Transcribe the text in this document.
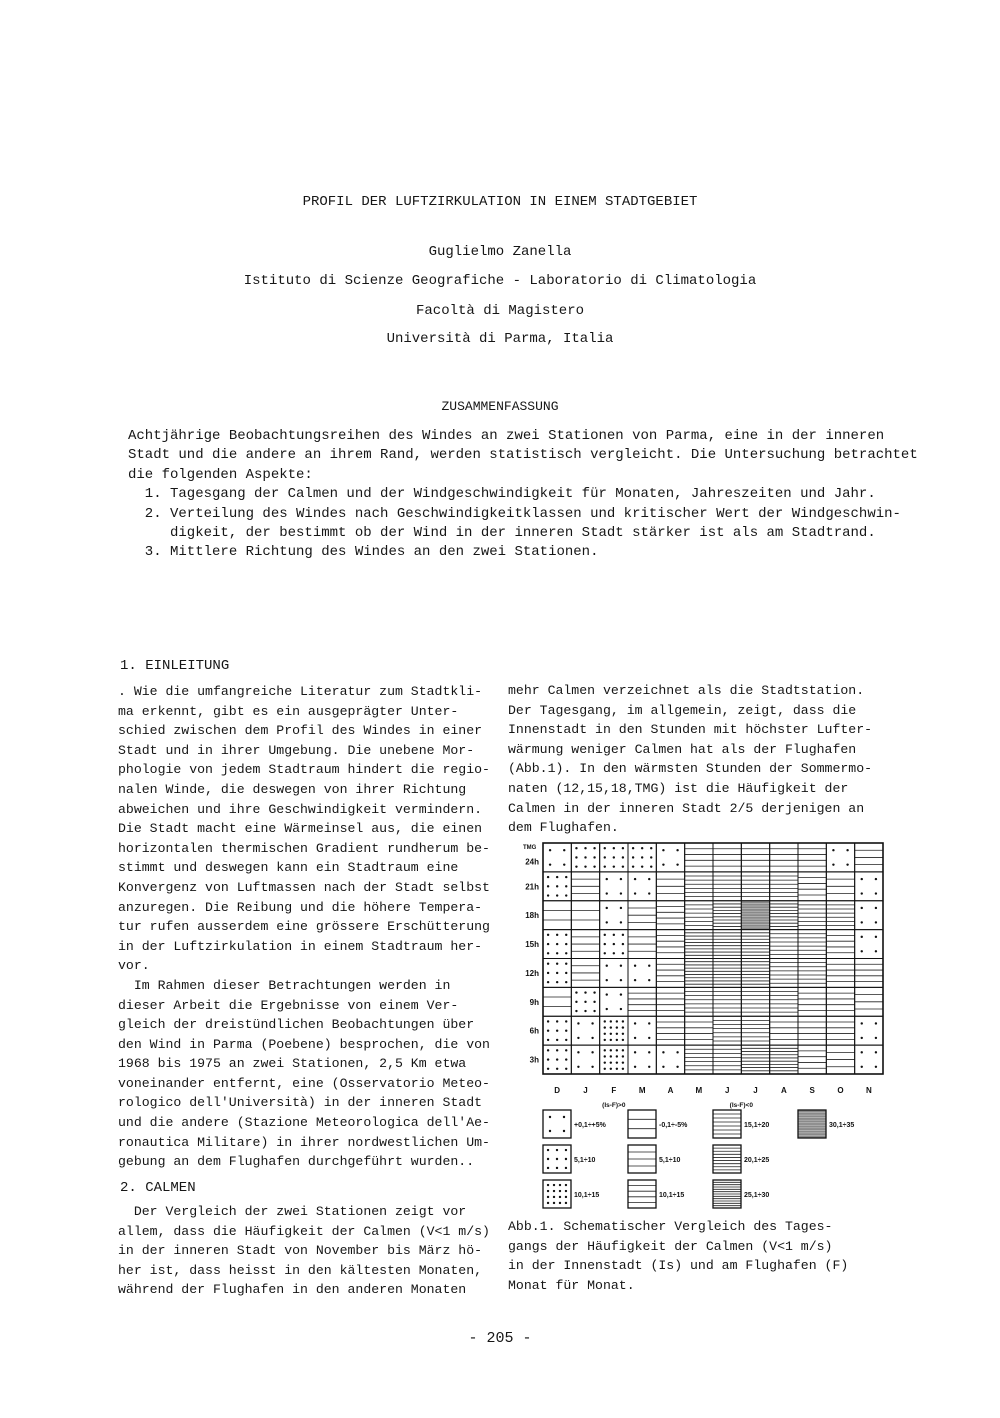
PROFIL DER LUFTZIRKULATION IN EINEM STADTGEBIET
Guglielmo Zanella
Istituto di Scienze Geografiche - Laboratorio di Climatologia
Facoltà di Magistero
Università di Parma, Italia
ZUSAMMENFASSUNG
Achtjährige Beobachtungsreihen des Windes an zwei Stationen von Parma, eine in der inneren
Stadt und die andere an ihrem Rand, werden statistisch vergleicht. Die Untersuchung betrachtet
die folgenden Aspekte:
1. Tagesgang der Calmen und der Windgeschwindigkeit für Monaten, Jahreszeiten und Jahr.
2. Verteilung des Windes nach Geschwindigkeitklassen und kritischer Wert der Windgeschwin-
digkeit, der bestimmt ob der Wind in der inneren Stadt stärker ist als am Stadtrand.
3. Mittlere Richtung des Windes an den zwei Stationen.
1. EINLEITUNG
. Wie die umfangreiche Literatur zum Stadtkli-
ma erkennt, gibt es ein ausgeprägter Unter-
schied zwischen dem Profil des Windes in einer
Stadt und in ihrer Umgebung. Die unebene Mor-
phologie von jedem Stadtraum hindert die regio-
nalen Winde, die deswegen von ihrer Richtung
abweichen und ihre Geschwindigkeit vermindern.
Die Stadt macht eine Wärmeinsel aus, die einen
horizontalen thermischen Gradient rundherum be-
stimmt und deswegen kann ein Stadtraum eine
Konvergenz von Luftmassen nach der Stadt selbst
anzuregen. Die Reibung und die höhere Tempera-
tur rufen ausserdem eine grössere Erschütterung
in der Luftzirkulation in einem Stadtraum her-
vor.
Im Rahmen dieser Betrachtungen werden in
dieser Arbeit die Ergebnisse von einem Ver-
gleich der dreistündlichen Beobachtungen über
den Wind in Parma (Poebene) besprochen, die von
1968 bis 1975 an zwei Stationen, 2,5 Km etwa
voneinander entfernt, eine (Osservatorio Meteo-
rologico dell'Università) in der inneren Stadt
und die andere (Stazione Meteorologica dell'Ae-
ronautica Militare) in ihrer nordwestlichen Um-
gebung an dem Flughafen durchgeführt wurden..
2. CALMEN
Der Vergleich der zwei Stationen zeigt vor
allem, dass die Häufigkeit der Calmen (V<1 m/s)
in der inneren Stadt von November bis März hö-
her ist, dass heisst in den kältesten Monaten,
während der Flughafen in den anderen Monaten
mehr Calmen verzeichnet als die Stadtstation.
Der Tagesgang, im allgemein, zeigt, dass die
Innenstadt in den Stunden mit höchster Lufter-
wärmung weniger Calmen hat als der Flughafen
(Abb.1). In den wärmsten Stunden der Sommermo-
naten (12,15,18,TMG) ist die Häufigkeit der
Calmen in der inneren Stadt 2/5 derjenigen an
dem Flughafen.
TMG
24h
21h
18h
15h
12h
9h
6h
3h
D	J	F	M	A	M	J	J	A	S	O	N
(Is-F)>0	(Is-F)<0
+0,1÷+5%
5,1÷10
10,1÷15
-0,1÷-5%
5,1÷10
10,1÷15
15,1÷20
20,1÷25
25,1÷30
30,1÷35
Abb.1. Schematischer Vergleich des Tages-
gangs der Häufigkeit der Calmen (V<1 m/s)
in der Innenstadt (Is) und am Flughafen (F)
Monat für Monat.
- 205 -
